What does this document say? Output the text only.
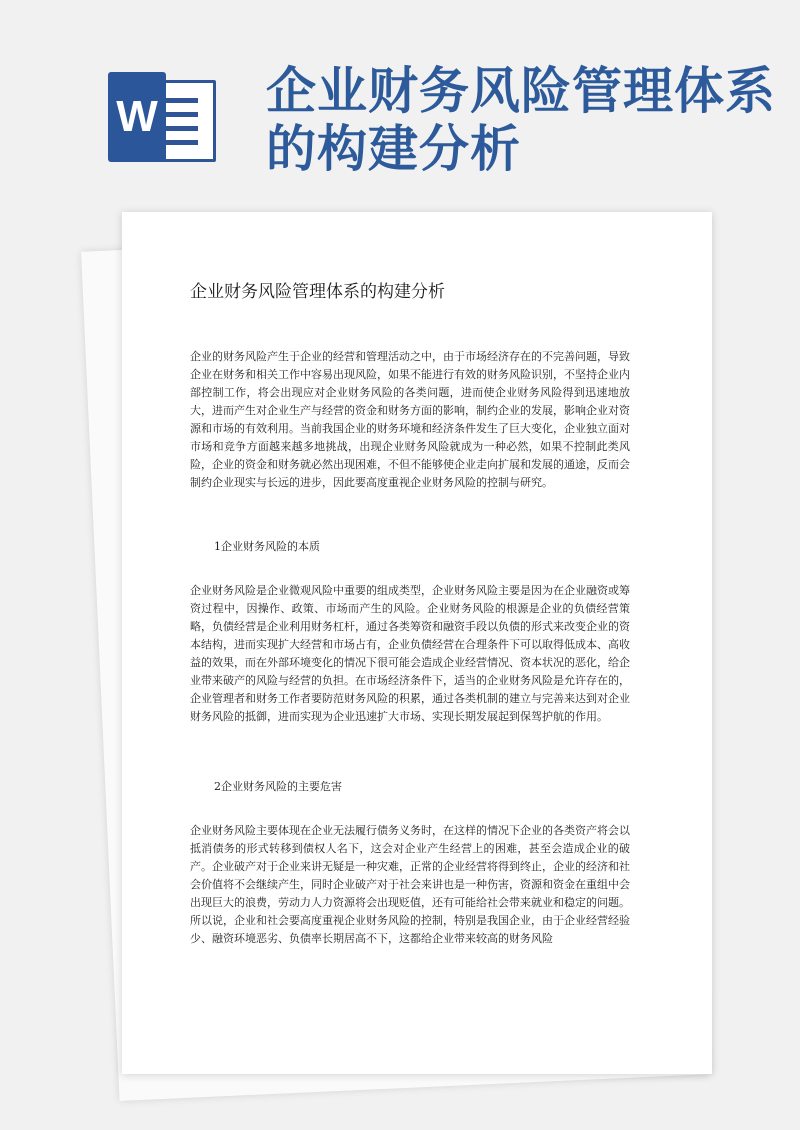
W 企业财务风险管理体系的构建分析
企业财务风险管理体系的构建分析

企业的财务风险产生于企业的经营和管理活动之中，由于市场经济存在的不完善问题，导致企业在财务和相关工作中容易出现风险，如果不能进行有效的财务风险识别，不坚持企业内部控制工作，将会出现应对企业财务风险的各类问题，进而使企业财务风险得到迅速地放大，进而产生对企业生产与经营的资金和财务方面的影响，制约企业的发展，影响企业对资源和市场的有效利用。当前我国企业的财务环境和经济条件发生了巨大变化，企业独立面对市场和竞争方面越来越多地挑战，出现企业财务风险就成为一种必然，如果不控制此类风险，企业的资金和财务就必然出现困难，不但不能够使企业走向扩展和发展的通途，反而会制约企业现实与长远的进步，因此要高度重视企业财务风险的控制与研究。

1企业财务风险的本质

企业财务风险是企业微观风险中重要的组成类型，企业财务风险主要是因为在企业融资或筹资过程中，因操作、政策、市场而产生的风险。企业财务风险的根源是企业的负债经营策略，负债经营是企业利用财务杠杆，通过各类筹资和融资手段以负债的形式来改变企业的资本结构，进而实现扩大经营和市场占有，企业负债经营在合理条件下可以取得低成本、高收益的效果，而在外部环境变化的情况下很可能会造成企业经营情况、资本状况的恶化，给企业带来破产的风险与经营的负担。在市场经济条件下，适当的企业财务风险是允许存在的，企业管理者和财务工作者要防范财务风险的积累，通过各类机制的建立与完善来达到对企业财务风险的抵御，进而实现为企业迅速扩大市场、实现长期发展起到保驾护航的作用。

2企业财务风险的主要危害

企业财务风险主要体现在企业无法履行债务义务时，在这样的情况下企业的各类资产将会以抵消债务的形式转移到债权人名下，这会对企业产生经营上的困难，甚至会造成企业的破产。企业破产对于企业来讲无疑是一种灾难，正常的企业经营将得到终止，企业的经济和社会价值将不会继续产生，同时企业破产对于社会来讲也是一种伤害，资源和资金在重组中会出现巨大的浪费，劳动力人力资源将会出现贬值，还有可能给社会带来就业和稳定的问题。所以说，企业和社会要高度重视企业财务风险的控制，特别是我国企业，由于企业经营经验少、融资环境恶劣、负债率长期居高不下，这都给企业带来较高的财务风险
